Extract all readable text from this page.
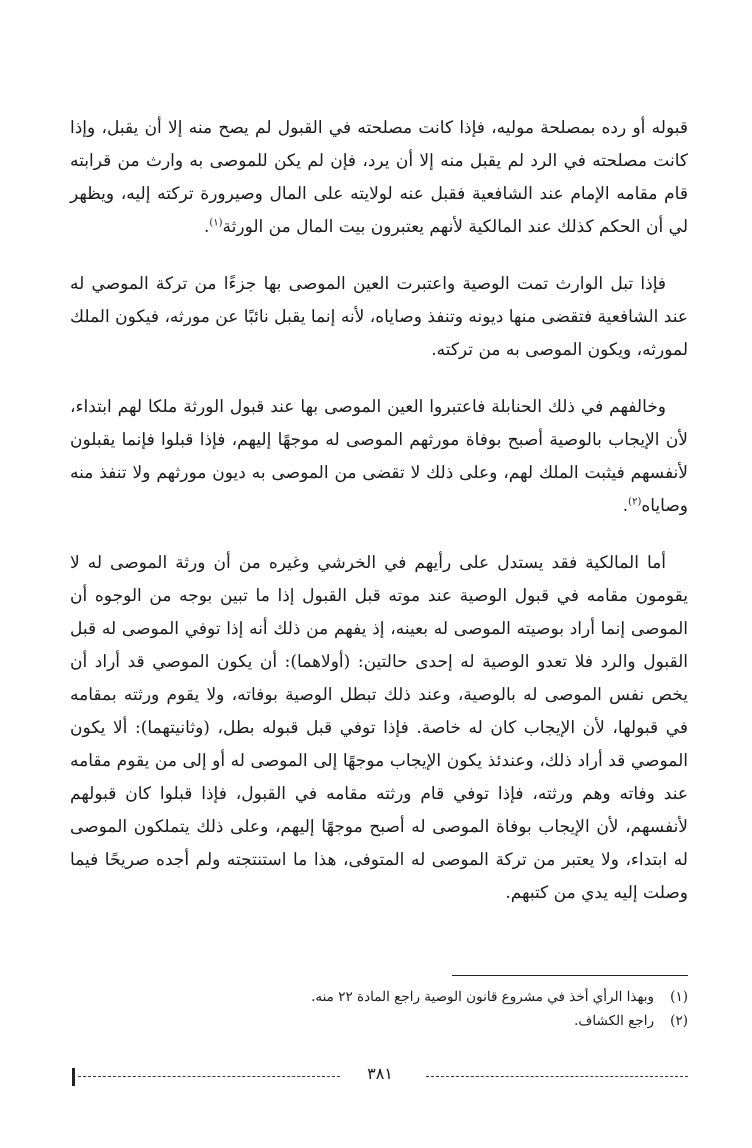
قبوله أو رده بمصلحة موليه، فإذا كانت مصلحته في القبول لم يصح منه إلا أن يقبل، وإذا كانت مصلحته في الرد لم يقبل منه إلا أن يرد، فإن لم يكن للموصى به وارث من قرابته قام مقامه الإمام عند الشافعية فقبل عنه لولايته على المال وصيرورة تركته إليه، ويظهر لي أن الحكم كذلك عند المالكية لأنهم يعتبرون بيت المال من الورثة$^{(١)}$.

فإذا تبل الوارث تمت الوصية واعتبرت العين الموصى بها جزءًا من تركة الموصي له عند الشافعية فتقضى منها ديونه وتنفذ وصاياه، لأنه إنما يقبل نائبًا عن مورثه، فيكون الملك لمورثه، ويكون الموصى به من تركته.

وخالفهم في ذلك الحنابلة فاعتبروا العين الموصى بها عند قبول الورثة ملكا لهم ابتداء، لأن الإيجاب بالوصية أصبح بوفاة مورثهم الموصى له موجهًا إليهم، فإذا قبلوا فإنما يقبلون لأنفسهم فيثبت الملك لهم، وعلى ذلك لا تقضى من الموصى به ديون مورثهم ولا تنفذ منه وصاياه$^{(٢)}$.

أما المالكية فقد يستدل على رأيهم في الخرشي وغيره من أن ورثة الموصى له لا يقومون مقامه في قبول الوصية عند موته قبل القبول إذا ما تبين بوجه من الوجوه أن الموصى إنما أراد بوصيته الموصى له بعينه، إذ يفهم من ذلك أنه إذا توفي الموصى له قبل القبول والرد فلا تعدو الوصية له إحدى حالتين: (أولاهما): أن يكون الموصي قد أراد أن يخص نفس الموصى له بالوصية، وعند ذلك تبطل الوصية بوفاته، ولا يقوم ورثته بمقامه في قبولها، لأن الإيجاب كان له خاصة. فإذا توفي قبل قبوله بطل، (وثانيتهما): ألا يكون الموصي قد أراد ذلك، وعندئذ يكون الإيجاب موجهًا إلى الموصى له أو إلى من يقوم مقامه عند وفاته وهم ورثته، فإذا توفي قام ورثته مقامه في القبول، فإذا قبلوا كان قبولهم لأنفسهم، لأن الإيجاب بوفاة الموصى له أصبح موجهًا إليهم، وعلى ذلك يتملكون الموصى له ابتداء، ولا يعتبر من تركة الموصى له المتوفى، هذا ما استنتجته ولم أجده صريحًا فيما وصلت إليه يدي من كتبهم.

(١)
وبهذا الرأي أخذ في مشروع قانون الوصية راجع المادة ٢٢ منه.
(٢)
راجع الكشاف.
٣٨١
